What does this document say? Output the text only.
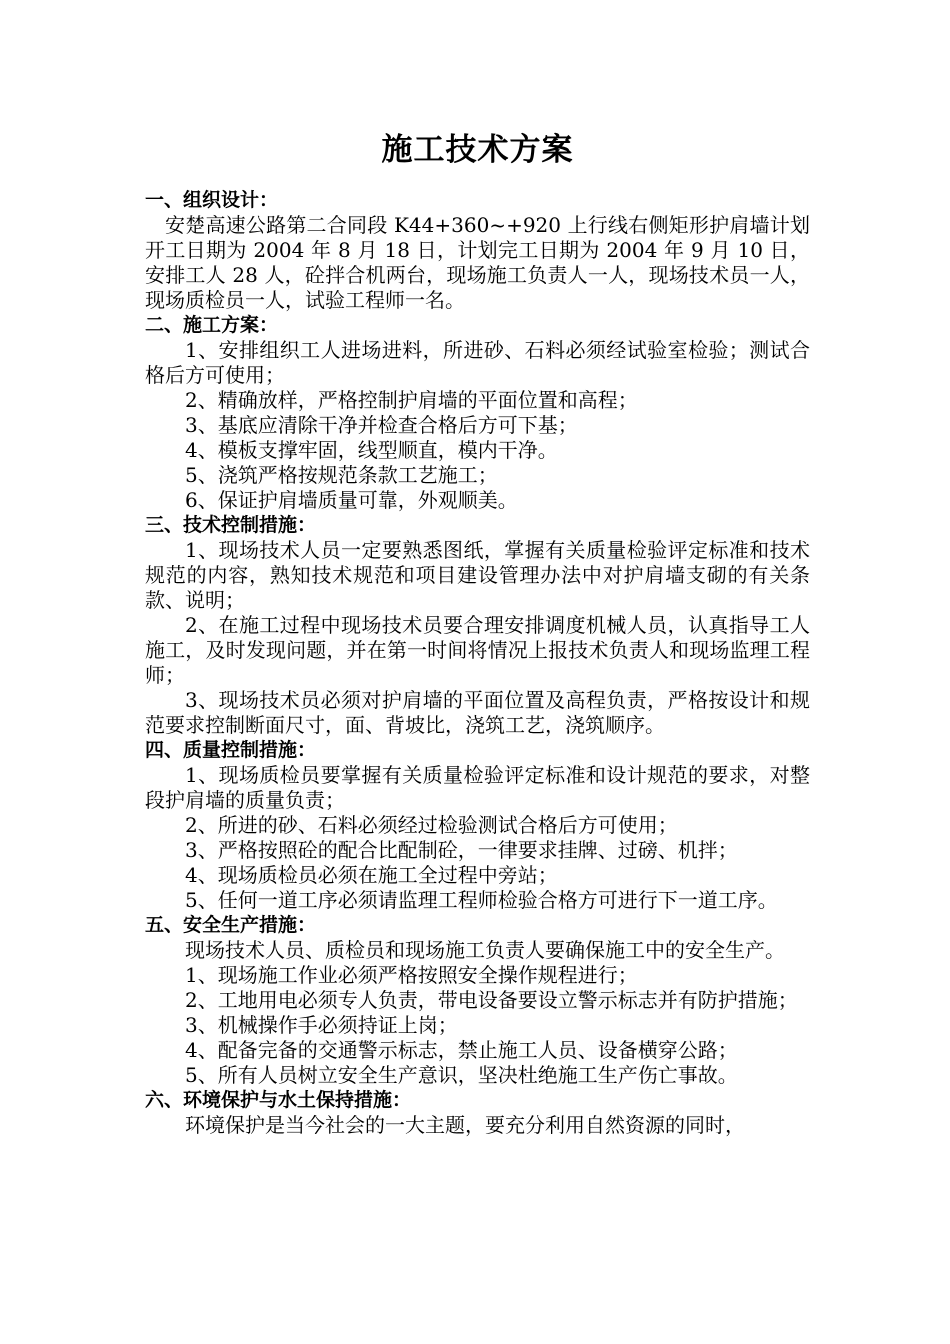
施工技术方案
一、组织设计：
安楚高速公路第二合同段 K44+360~+920 上行线右侧矩形护肩墙计划开工日期为 2004 年 8 月 18 日，计划完工日期为 2004 年 9 月 10 日，安排工人 28 人，砼拌合机两台，现场施工负责人一人，现场技术员一人，现场质检员一人，试验工程师一名。
二、施工方案：
1、安排组织工人进场进料，所进砂、石料必须经试验室检验；测试合格后方可使用；
2、精确放样，严格控制护肩墙的平面位置和高程；
3、基底应清除干净并检查合格后方可下基；
4、模板支撑牢固，线型顺直，模内干净。
5、浇筑严格按规范条款工艺施工；
6、保证护肩墙质量可靠，外观顺美。
三、技术控制措施：
1、现场技术人员一定要熟悉图纸，掌握有关质量检验评定标准和技术规范的内容，熟知技术规范和项目建设管理办法中对护肩墙支砌的有关条款、说明；
2、在施工过程中现场技术员要合理安排调度机械人员，认真指导工人施工，及时发现问题，并在第一时间将情况上报技术负责人和现场监理工程师；
3、现场技术员必须对护肩墙的平面位置及高程负责，严格按设计和规范要求控制断面尺寸，面、背坡比，浇筑工艺，浇筑顺序。
四、质量控制措施：
1、现场质检员要掌握有关质量检验评定标准和设计规范的要求，对整段护肩墙的质量负责；
2、所进的砂、石料必须经过检验测试合格后方可使用；
3、严格按照砼的配合比配制砼，一律要求挂牌、过磅、机拌；
4、现场质检员必须在施工全过程中旁站；
5、任何一道工序必须请监理工程师检验合格方可进行下一道工序。
五、安全生产措施：
现场技术人员、质检员和现场施工负责人要确保施工中的安全生产。
1、现场施工作业必须严格按照安全操作规程进行；
2、工地用电必须专人负责，带电设备要设立警示标志并有防护措施；
3、机械操作手必须持证上岗；
4、配备完备的交通警示标志，禁止施工人员、设备横穿公路；
5、所有人员树立安全生产意识，坚决杜绝施工生产伤亡事故。
六、环境保护与水土保持措施：
环境保护是当今社会的一大主题，要充分利用自然资源的同时，
